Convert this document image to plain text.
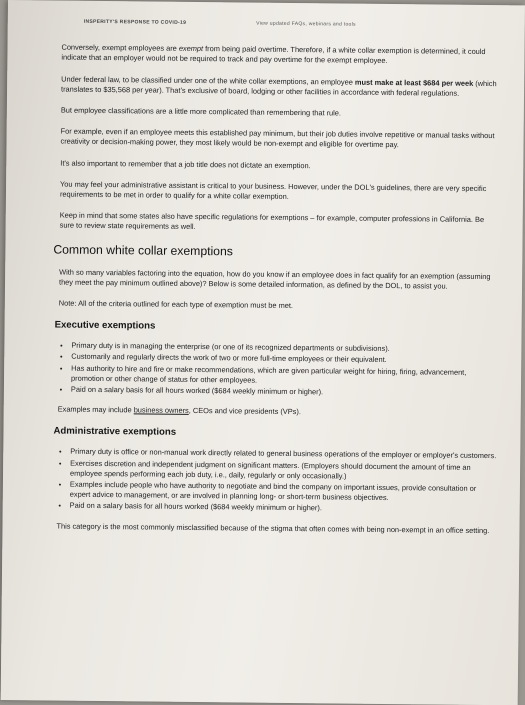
INSPERITY'S RESPONSE TO COVID-19	View updated FAQs, webinars and tools

Conversely, exempt employees are exempt from being paid overtime. Therefore, if a white collar exemption is determined, it could indicate that an employer would not be required to track and pay overtime for the exempt employee.

Under federal law, to be classified under one of the white collar exemptions, an employee must make at least $684 per week (which translates to $35,568 per year). That's exclusive of board, lodging or other facilities in accordance with federal regulations.

But employee classifications are a little more complicated than remembering that rule.

For example, even if an employee meets this established pay minimum, but their job duties involve repetitive or manual tasks without creativity or decision-making power, they most likely would be non-exempt and eligible for overtime pay.

It's also important to remember that a job title does not dictate an exemption.

You may feel your administrative assistant is critical to your business. However, under the DOL's guidelines, there are very specific requirements to be met in order to qualify for a white collar exemption.

Keep in mind that some states also have specific regulations for exemptions – for example, computer professions in California. Be sure to review state requirements as well.

Common white collar exemptions

With so many variables factoring into the equation, how do you know if an employee does in fact qualify for an exemption (assuming they meet the pay minimum outlined above)? Below is some detailed information, as defined by the DOL, to assist you.

Note: All of the criteria outlined for each type of exemption must be met.

Executive exemptions
• Primary duty is in managing the enterprise (or one of its recognized departments or subdivisions).
• Customarily and regularly directs the work of two or more full-time employees or their equivalent.
• Has authority to hire and fire or make recommendations, which are given particular weight for hiring, firing, advancement, promotion or other change of status for other employees.
• Paid on a salary basis for all hours worked ($684 weekly minimum or higher).

Examples may include business owners, CEOs and vice presidents (VPs).

Administrative exemptions
• Primary duty is office or non-manual work directly related to general business operations of the employer or employer's customers.
• Exercises discretion and independent judgment on significant matters. (Employers should document the amount of time an employee spends performing each job duty, i.e., daily, regularly or only occasionally.)
• Examples include people who have authority to negotiate and bind the company on important issues, provide consultation or expert advice to management, or are involved in planning long- or short-term business objectives.
• Paid on a salary basis for all hours worked ($684 weekly minimum or higher).

This category is the most commonly misclassified because of the stigma that often comes with being non-exempt in an office setting.
